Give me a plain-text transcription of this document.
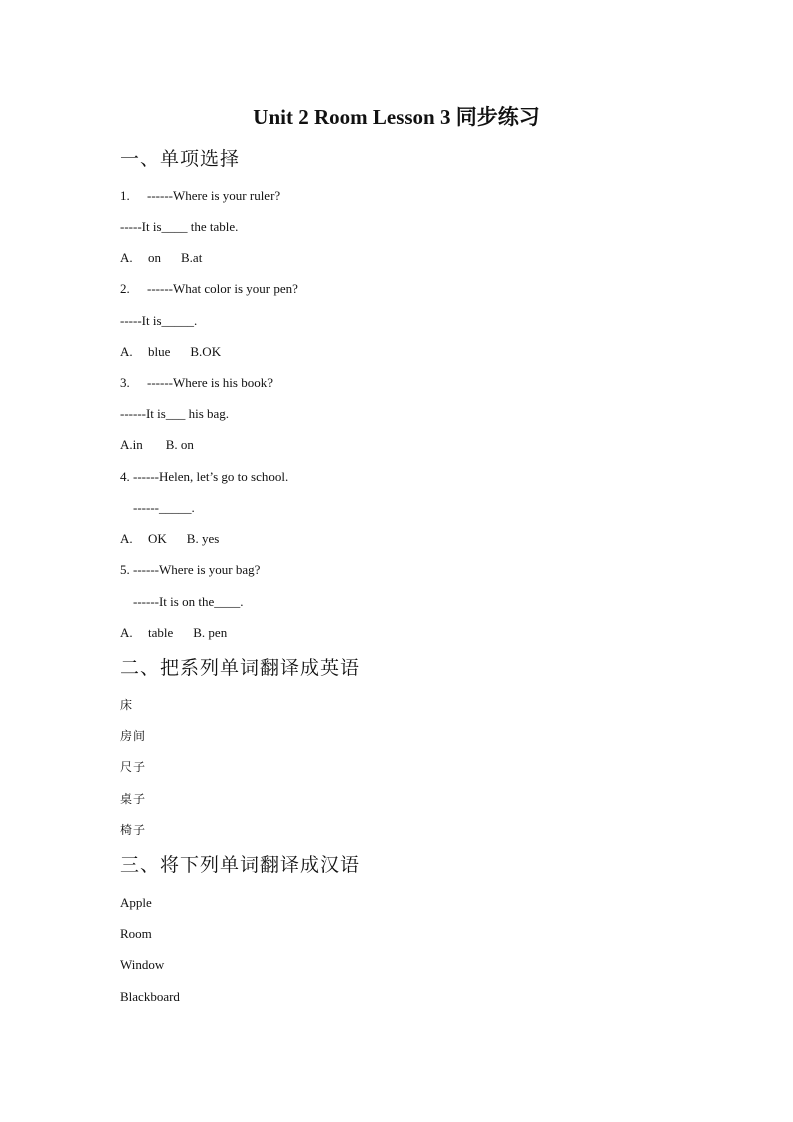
Unit 2 Room Lesson 3 同步练习
一、单项选择
1. ------Where is your ruler?
-----It is____ the table.
A. on B.at
2. ------What color is your pen?
-----It is_____.
A. blue B.OK
3. ------Where is his book?
------It is___ his bag.
A.in B. on
4. ------Helen, let’s go to school.
------_____.
A. OK B. yes
5. ------Where is your bag?
------It is on the____.
A. table B. pen
二、把系列单词翻译成英语
床
房间
尺子
桌子
椅子
三、将下列单词翻译成汉语
Apple
Room
Window
Blackboard
